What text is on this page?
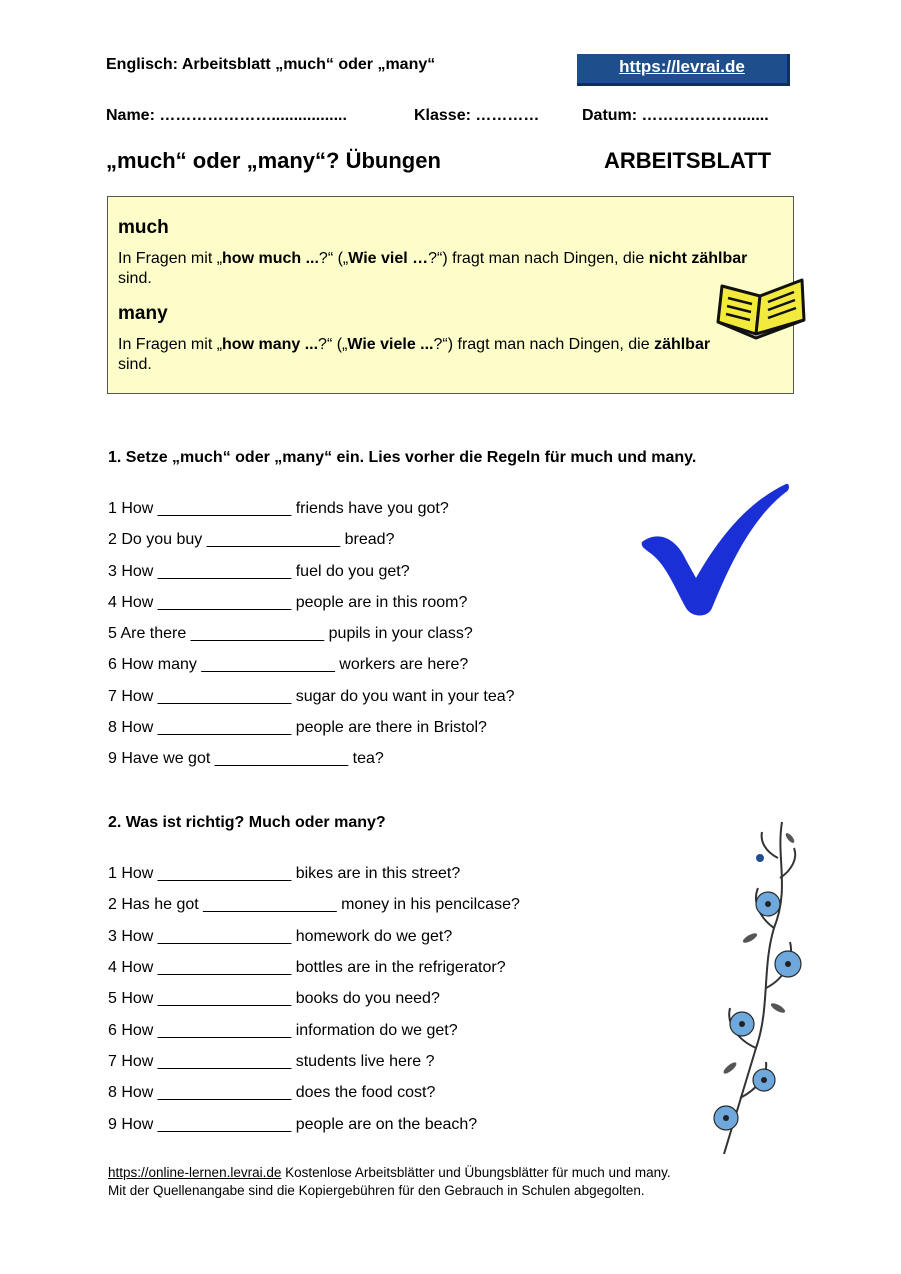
Englisch: Arbeitsblatt „much“ oder „many“	https://levrai.de
Name: ………………….................	Klasse: …………	Datum: ……………….......
„much“ oder „many“? Übungen	ARBEITSBLATT
much
In Fragen mit „how much ...?“ („Wie viel …?“) fragt man nach Dingen, die nicht zählbar sind.
many
In Fragen mit „how many ...?“ („Wie viele ...?“) fragt man nach Dingen, die zählbar sind.
1. Setze „much“ oder „many“ ein. Lies vorher die Regeln für much und many.
1 How _______________ friends have you got?
2 Do you buy _______________ bread?
3 How _______________ fuel do you get?
4 How _______________ people are in this room?
5 Are there _______________ pupils in your class?
6 How many _______________ workers are here?
7 How _______________ sugar do you want in your tea?
8 How _______________ people are there in Bristol?
9 Have we got _______________ tea?
2. Was ist richtig? Much oder many?
1 How _______________ bikes are in this street?
2 Has he got _______________ money in his pencilcase?
3 How _______________ homework do we get?
4 How _______________ bottles are in the refrigerator?
5 How _______________ books do you need?
6 How _______________ information do we get?
7 How _______________ students live here ?
8 How _______________ does the food cost?
9 How _______________ people are on the beach?
https://online-lernen.levrai.de Kostenlose Arbeitsblätter und Übungsblätter für much und many.
Mit der Quellenangabe sind die Kopiergebühren für den Gebrauch in Schulen abgegolten.
